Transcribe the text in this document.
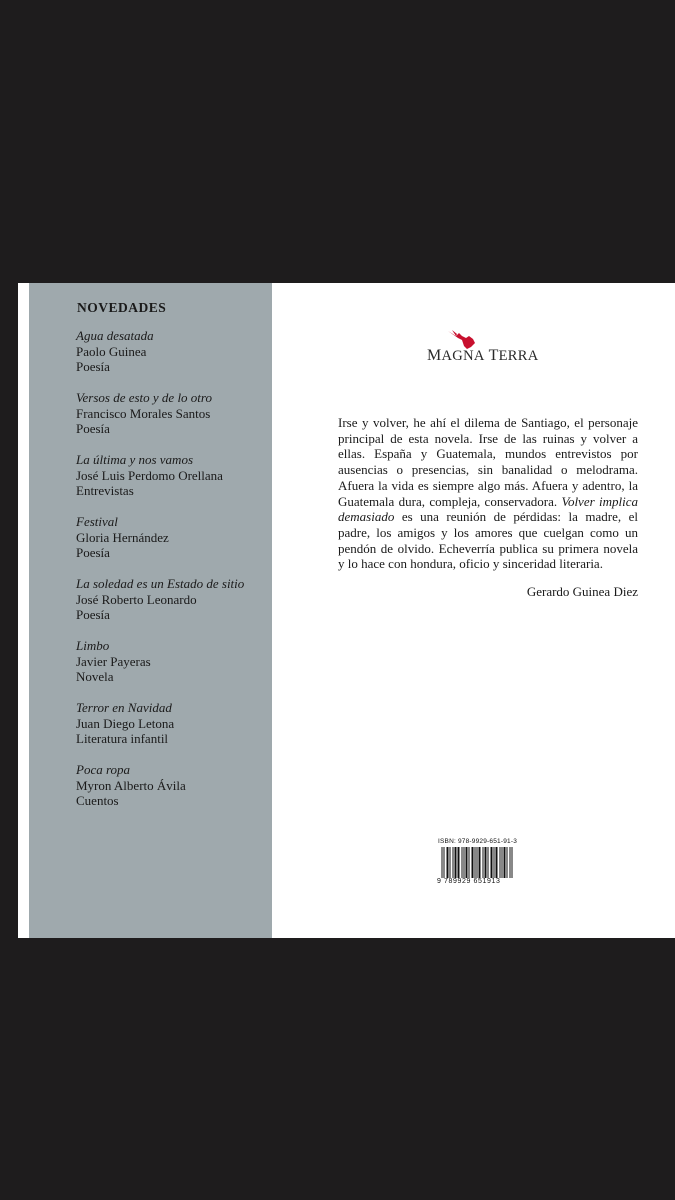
NOVEDADES
Agua desatada
Paolo Guinea
Poesía
Versos de esto y de lo otro
Francisco Morales Santos
Poesía
La última y nos vamos
José Luis Perdomo Orellana
Entrevistas
Festival
Gloria Hernández
Poesía
La soledad es un Estado de sitio
José Roberto Leonardo
Poesía
Limbo
Javier Payeras
Novela
Terror en Navidad
Juan Diego Letona
Literatura infantil
Poca ropa
Myron Alberto Ávila
Cuentos
MAGNA TERRA

Irse y volver, he ahí el dilema de Santiago, el personaje principal de esta novela. Irse de las ruinas y volver a ellas. España y Guatemala, mundos entrevistos por ausencias o presencias, sin banalidad o melodrama. Afuera la vida es siempre algo más. Afuera y adentro, la Guatemala dura, compleja, conservadora. Volver implica demasiado es una reunión de pérdidas: la madre, el padre, los amigos y los amores que cuelgan como un pendón de olvido. Echeverría publica su primera novela y lo hace con hondura, oficio y sinceridad literaria.

Gerardo Guinea Diez
ISBN: 978-9929-651-91-3
9 789929 651913
